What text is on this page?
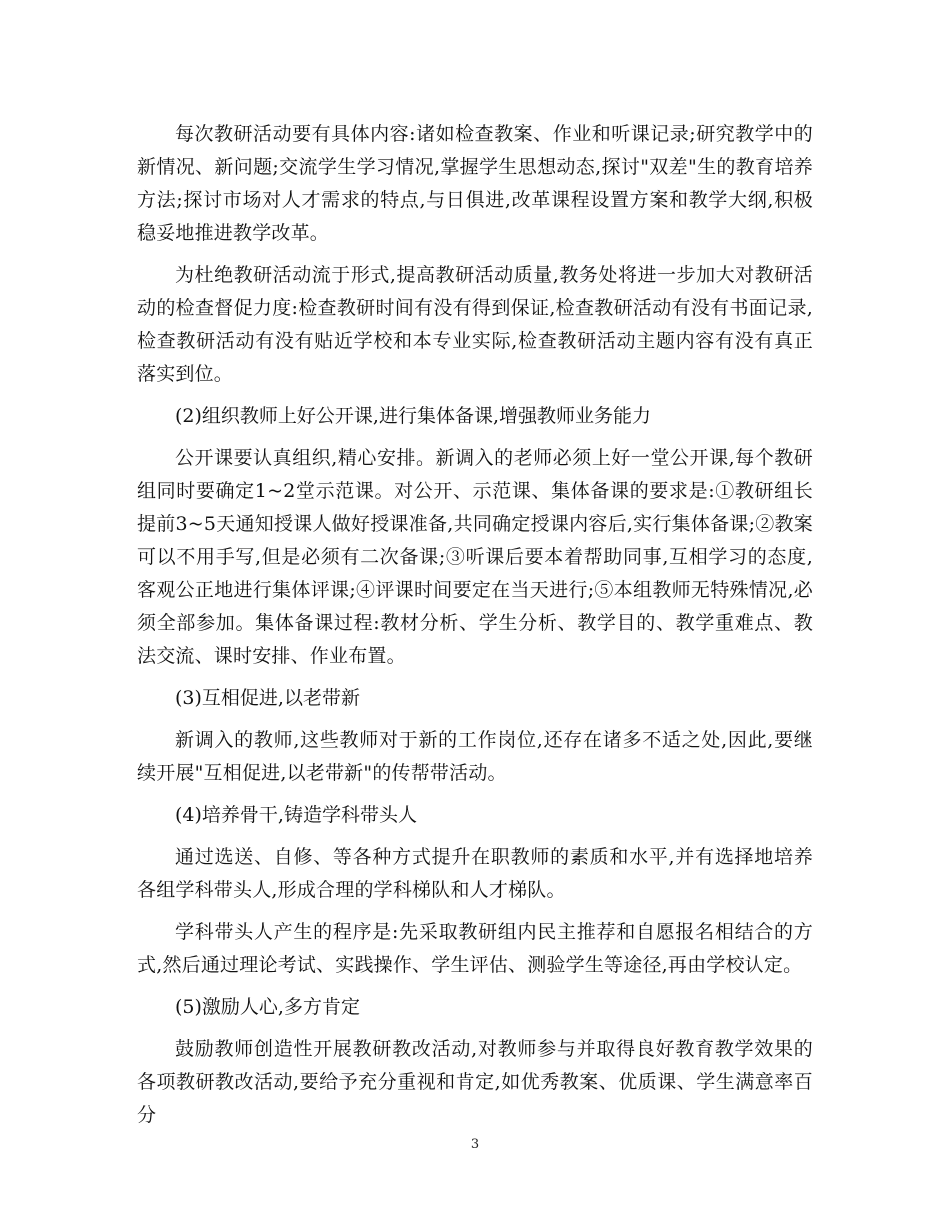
每次教研活动要有具体内容:诸如检查教案、作业和听课记录;研究教学中的新情况、新问题;交流学生学习情况,掌握学生思想动态,探讨"双差"生的教育培养方法;探讨市场对人才需求的特点,与日俱进,改革课程设置方案和教学大纲,积极稳妥地推进教学改革。

为杜绝教研活动流于形式,提高教研活动质量,教务处将进一步加大对教研活动的检查督促力度:检查教研时间有没有得到保证,检查教研活动有没有书面记录,检查教研活动有没有贴近学校和本专业实际,检查教研活动主题内容有没有真正落实到位。

(2)组织教师上好公开课,进行集体备课,增强教师业务能力

公开课要认真组织,精心安排。新调入的老师必须上好一堂公开课,每个教研组同时要确定1~2堂示范课。对公开、示范课、集体备课的要求是:①教研组长提前3~5天通知授课人做好授课准备,共同确定授课内容后,实行集体备课;②教案可以不用手写,但是必须有二次备课;③听课后要本着帮助同事,互相学习的态度,客观公正地进行集体评课;④评课时间要定在当天进行;⑤本组教师无特殊情况,必须全部参加。集体备课过程:教材分析、学生分析、教学目的、教学重难点、教法交流、课时安排、作业布置。

(3)互相促进,以老带新

新调入的教师,这些教师对于新的工作岗位,还存在诸多不适之处,因此,要继续开展"互相促进,以老带新"的传帮带活动。

(4)培养骨干,铸造学科带头人

通过选送、自修、等各种方式提升在职教师的素质和水平,并有选择地培养各组学科带头人,形成合理的学科梯队和人才梯队。

学科带头人产生的程序是:先采取教研组内民主推荐和自愿报名相结合的方式,然后通过理论考试、实践操作、学生评估、测验学生等途径,再由学校认定。

(5)激励人心,多方肯定

鼓励教师创造性开展教研教改活动,对教师参与并取得良好教育教学效果的各项教研教改活动,要给予充分重视和肯定,如优秀教案、优质课、学生满意率百分

3
